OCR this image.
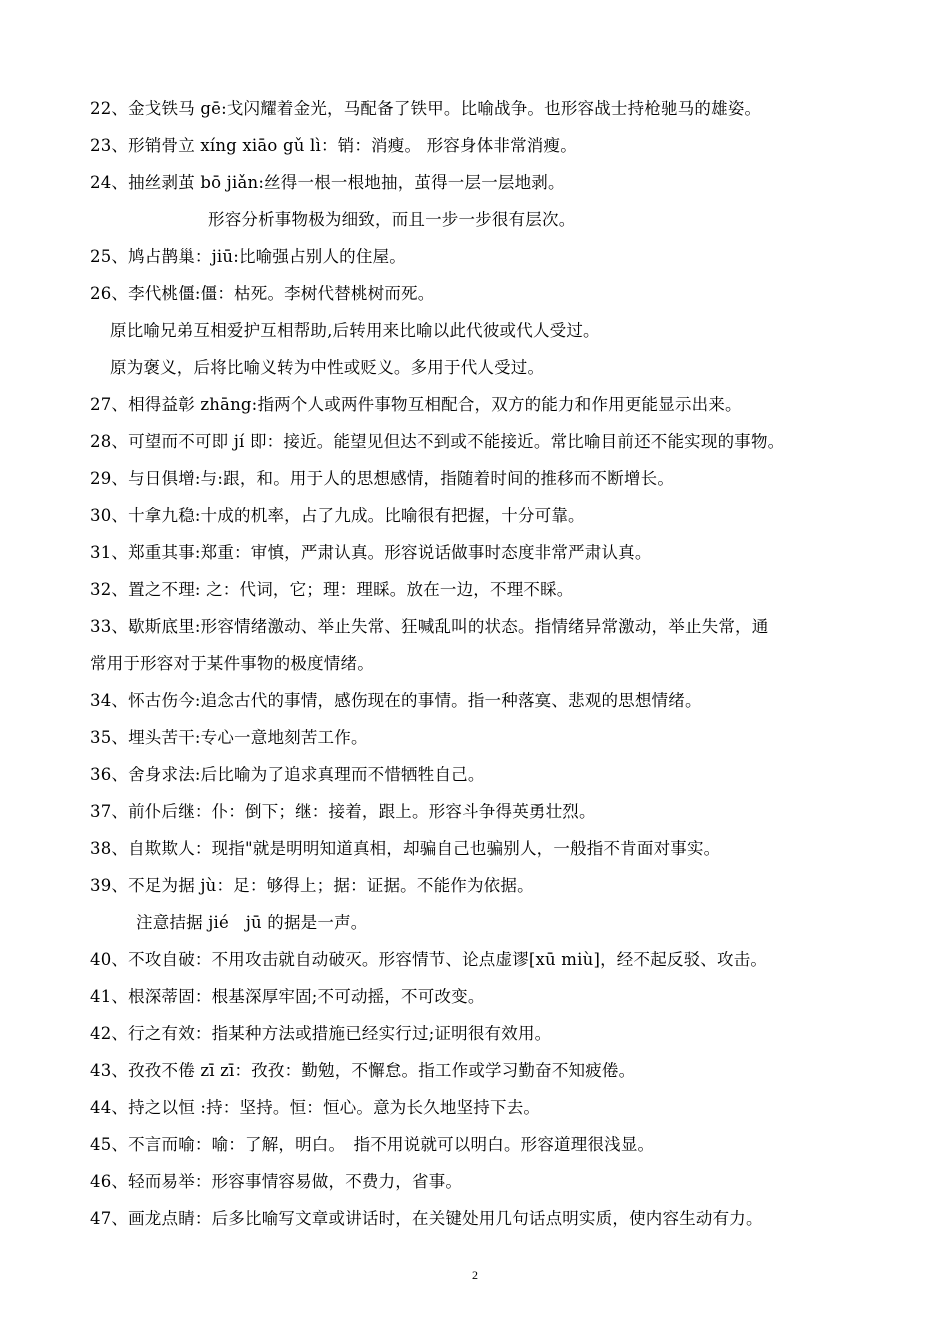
22、金戈铁马 gē:戈闪耀着金光，马配备了铁甲。比喻战争。也形容战士持枪驰马的雄姿。
23、形销骨立 xíng xiāo gǔ lì：销：消瘦。 形容身体非常消瘦。
24、抽丝剥茧 bō jiǎn:丝得一根一根地抽，茧得一层一层地剥。
形容分析事物极为细致，而且一步一步很有层次。
25、鸠占鹊巢：jiū:比喻强占别人的住屋。
26、李代桃僵:僵：枯死。李树代替桃树而死。
原比喻兄弟互相爱护互相帮助,后转用来比喻以此代彼或代人受过。
原为褒义，后将比喻义转为中性或贬义。多用于代人受过。
27、相得益彰 zhāng:指两个人或两件事物互相配合，双方的能力和作用更能显示出来。
28、可望而不可即 jí 即：接近。能望见但达不到或不能接近。常比喻目前还不能实现的事物。
29、与日俱增:与:跟，和。用于人的思想感情，指随着时间的推移而不断增长。
30、十拿九稳:十成的机率，占了九成。比喻很有把握，十分可靠。
31、郑重其事:郑重：审慎，严肃认真。形容说话做事时态度非常严肃认真。
32、置之不理: 之：代词，它；理：理睬。放在一边，不理不睬。
33、歇斯底里:形容情绪激动、举止失常、狂喊乱叫的状态。指情绪异常激动，举止失常，通
常用于形容对于某件事物的极度情绪。
34、怀古伤今:追念古代的事情，感伤现在的事情。指一种落寞、悲观的思想情绪。
35、埋头苦干:专心一意地刻苦工作。
36、舍身求法:后比喻为了追求真理而不惜牺牲自己。
37、前仆后继：仆：倒下；继：接着，跟上。形容斗争得英勇壮烈。
38、自欺欺人：现指"就是明明知道真相，却骗自己也骗别人，一般指不肯面对事实。
39、不足为据 jù：足：够得上；据：证据。不能作为依据。
注意拮据 jié　jū 的据是一声。
40、不攻自破：不用攻击就自动破灭。形容情节、论点虚谬[xū miù]，经不起反驳、攻击。
41、根深蒂固：根基深厚牢固;不可动摇，不可改变。
42、行之有效：指某种方法或措施已经实行过;证明很有效用。
43、孜孜不倦 zī zī：孜孜：勤勉，不懈怠。指工作或学习勤奋不知疲倦。
44、持之以恒 :持：坚持。恒：恒心。意为长久地坚持下去。
45、不言而喻：喻：了解，明白。　指不用说就可以明白。形容道理很浅显。
46、轻而易举：形容事情容易做，不费力，省事。
47、画龙点睛：后多比喻写文章或讲话时，在关键处用几句话点明实质，使内容生动有力。
2
